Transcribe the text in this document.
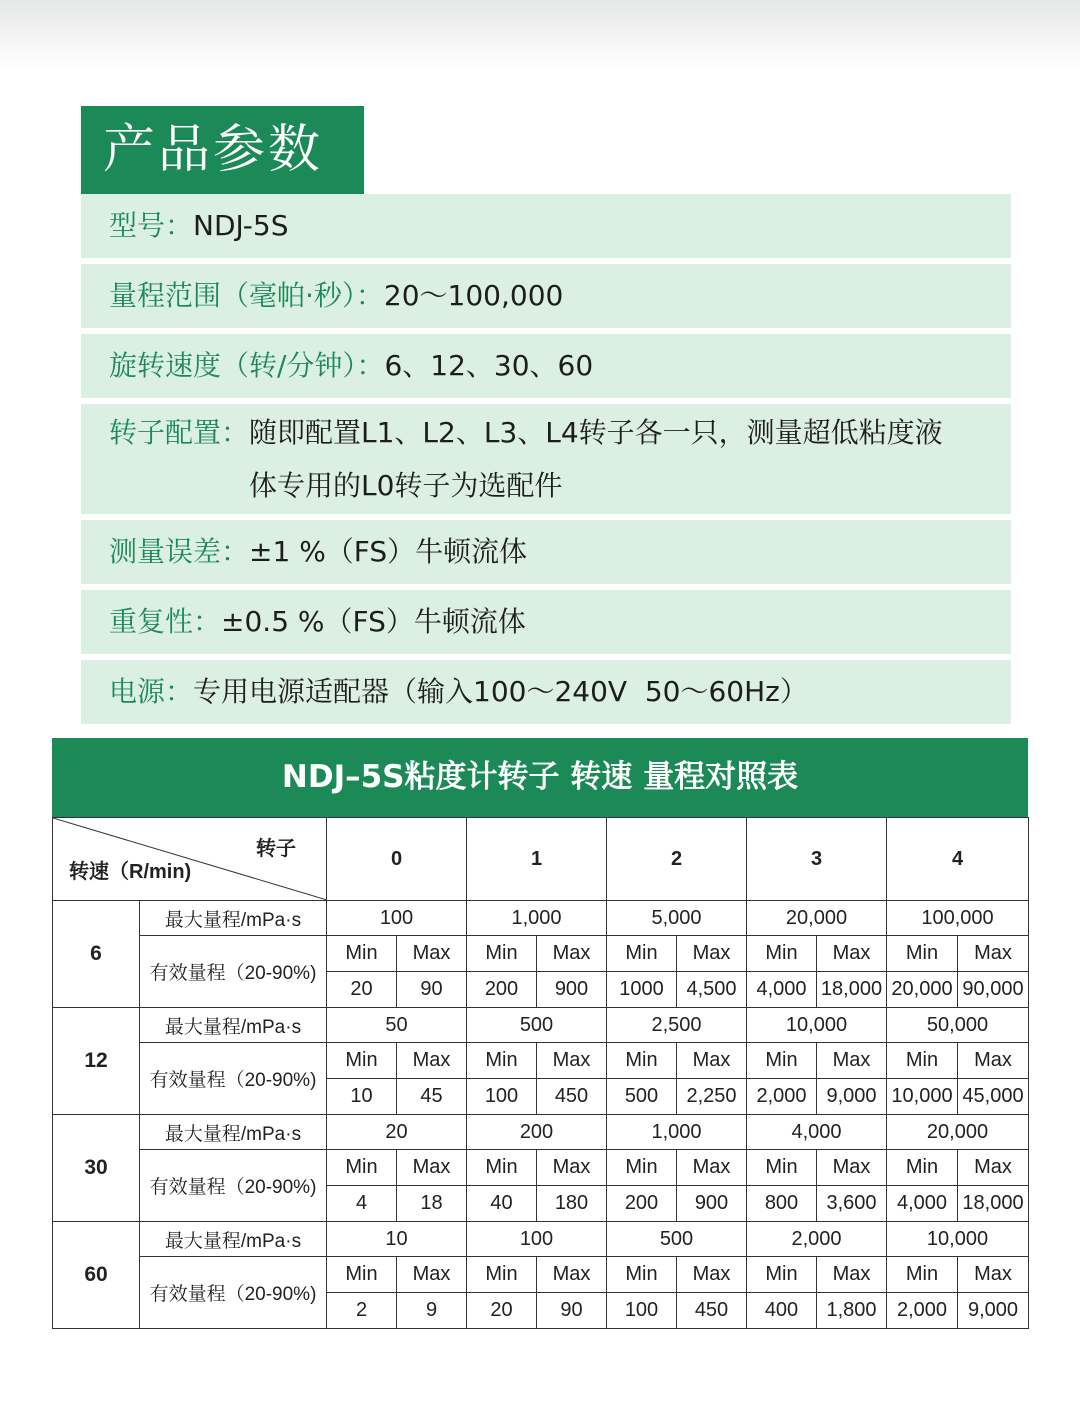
产品参数
型号： NDJ-5S
量程范围（毫帕·秒）： 20～100,000
旋转速度（转/分钟）： 6、12、30、60
转子配置： 随即配置L1、L2、L3、L4转子各一只，测量超低粘度液
体专用的L0转子为选配件
测量误差： ±1 %（FS）牛顿流体
重复性： ±0.5 %（FS）牛顿流体
电源： 专用电源适配器（输入100～240V  50～60Hz）
NDJ–5S粘度计转子 转速 量程对照表
转子
转速（R/min)		0		1		2		3		4	
6	最大量程/mPa·s	100		1,000		5,000		20,000		100,000	
	有效量程（20-90%)	Min	Max	Min	Max	Min	Max	Min	Max	Min	Max
		20	90	200	900	1000	4,500	4,000	18,000	20,000	90,000
12	最大量程/mPa·s	50		500		2,500		10,000		50,000	
	有效量程（20-90%)	Min	Max	Min	Max	Min	Max	Min	Max	Min	Max
		10	45	100	450	500	2,250	2,000	9,000	10,000	45,000
30	最大量程/mPa·s	20		200		1,000		4,000		20,000	
	有效量程（20-90%)	Min	Max	Min	Max	Min	Max	Min	Max	Min	Max
		4	18	40	180	200	900	800	3,600	4,000	18,000
60	最大量程/mPa·s	10		100		500		2,000		10,000	
	有效量程（20-90%)	Min	Max	Min	Max	Min	Max	Min	Max	Min	Max
		2	9	20	90	100	450	400	1,800	2,000	9,000
